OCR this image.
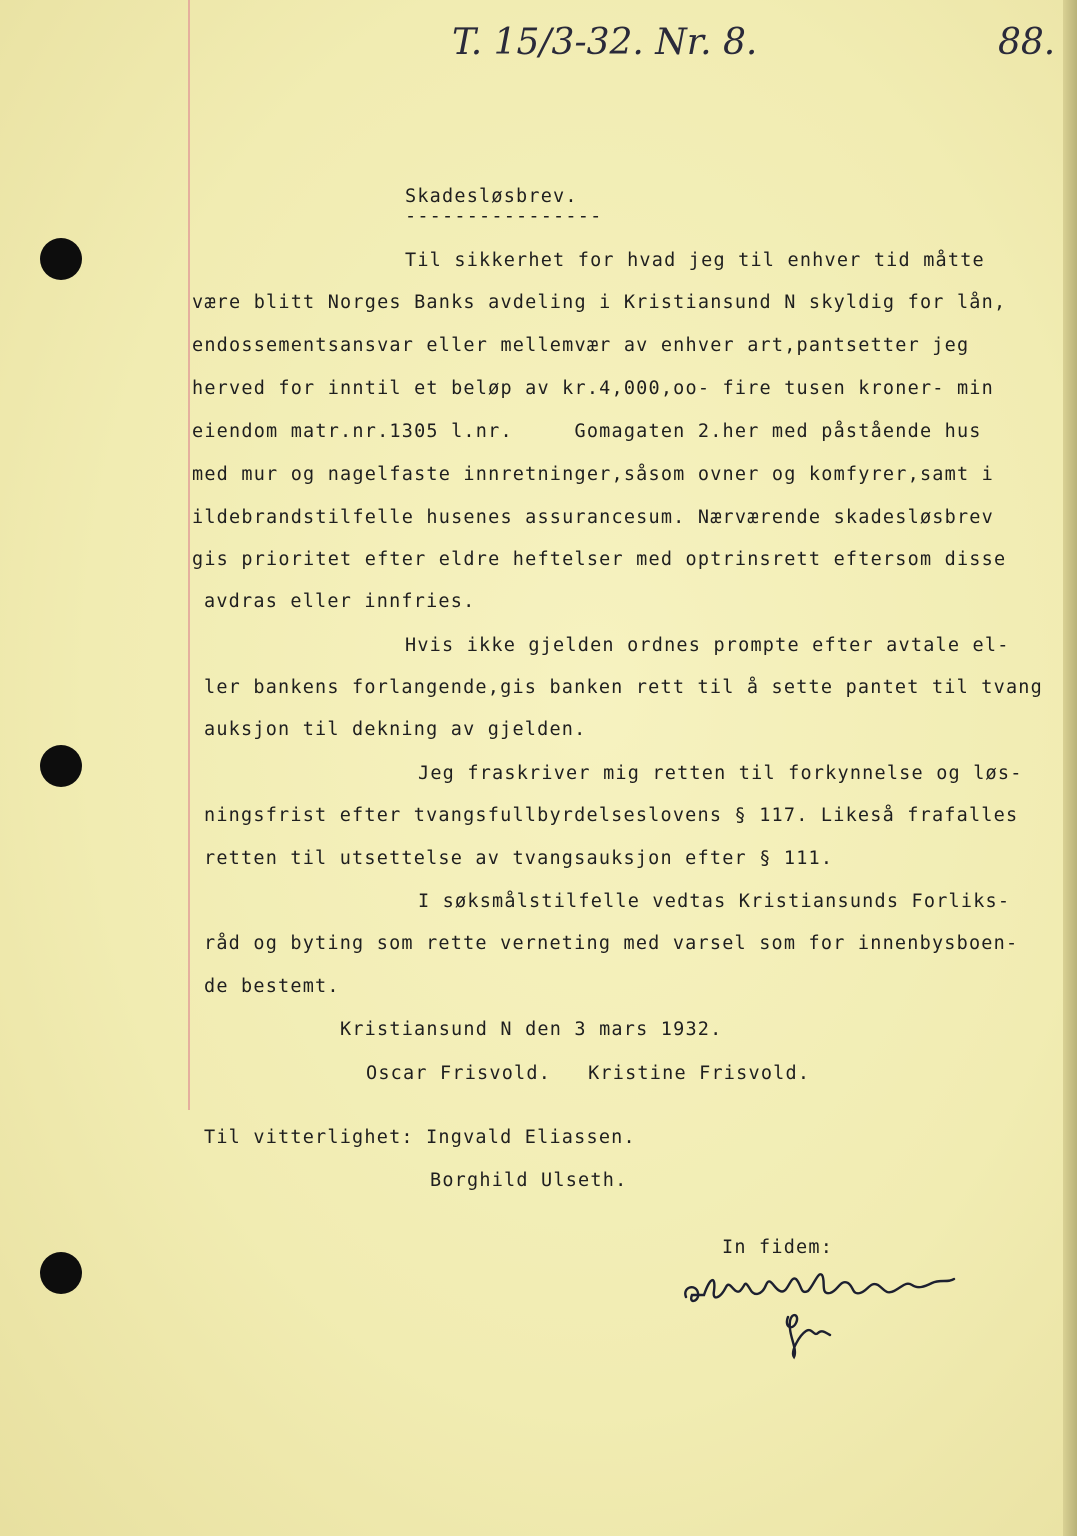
T. 15/3-32. Nr. 8.	88.
Skadesløsbrev.
----------------
Til sikkerhet for hvad jeg til enhver tid måtte
være blitt Norges Banks avdeling i Kristiansund N skyldig for lån,
endossementsansvar eller mellemvær av enhver art,pantsetter jeg
herved for inntil et beløp av kr.4,000,oo- fire tusen kroner- min
eiendom matr.nr.1305 l.nr.     Gomagaten 2.her med påstående hus
med mur og nagelfaste innretninger,såsom ovner og komfyrer,samt i
ildebrandstilfelle husenes assurancesum. Nærværende skadesløsbrev
gis prioritet efter eldre heftelser med optrinsrett eftersom disse
avdras eller innfries.
Hvis ikke gjelden ordnes prompte efter avtale el-
ler bankens forlangende,gis banken rett til å sette pantet til tvang
auksjon til dekning av gjelden.
Jeg fraskriver mig retten til forkynnelse og løs-
ningsfrist efter tvangsfullbyrdelseslovens § 117. Likeså frafalles
retten til utsettelse av tvangsauksjon efter § 111.
I søksmålstilfelle vedtas Kristiansunds Forliks-
råd og byting som rette verneting med varsel som for innenbysboen-
de bestemt.
Kristiansund N den 3 mars 1932.
Oscar Frisvold.   Kristine Frisvold.
Til vitterlighet: Ingvald Eliassen.
Borghild Ulseth.
In fidem:
